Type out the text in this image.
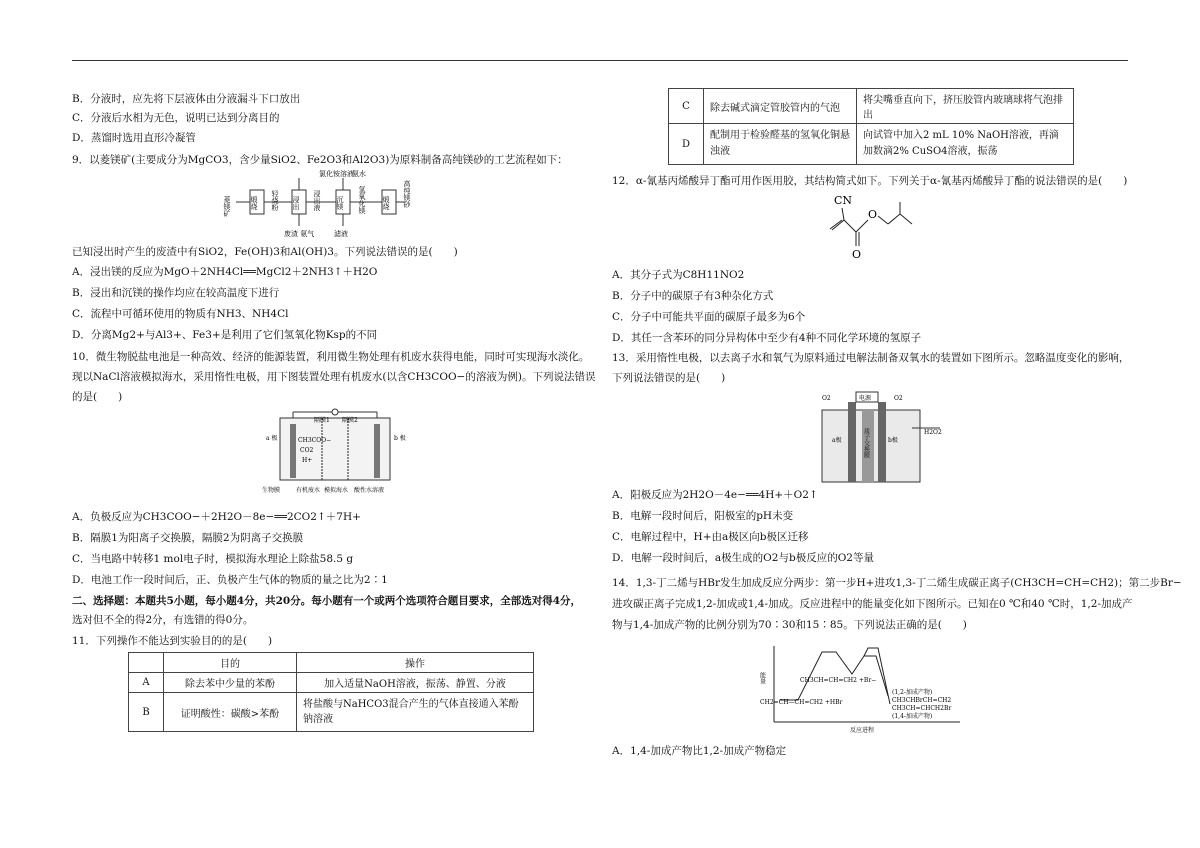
B．分液时，应先将下层液体由分液漏斗下口放出
C．分液后水相为无色，说明已达到分离目的
D．蒸馏时选用直形冷凝管
9．以菱镁矿(主要成分为MgCO3，含少量SiO2、Fe2O3和Al2O3)为原料制备高纯镁砂的工艺流程如下：
氯化铵溶液
氨水
菱镁矿	煅烧 轻烧粉 浸出 浸出液 沉镁 氢氧化镁 煅烧 高纯镁砂
废渣 氨气	滤液
已知浸出时产生的废渣中有SiO2，Fe(OH)3和Al(OH)3。下列说法错误的是(　　)
A．浸出镁的反应为MgO＋2NH4Cl══MgCl2＋2NH3↑＋H2O
B．浸出和沉镁的操作均应在较高温度下进行
C．流程中可循环使用的物质有NH3、NH4Cl
D．分离Mg2+与Al3+、Fe3+是利用了它们氢氧化物Ksp的不同
10．微生物脱盐电池是一种高效、经济的能源装置，利用微生物处理有机废水获得电能，同时可实现海水淡化。
现以NaCl溶液模拟海水，采用惰性电极，用下图装置处理有机废水(以含CH3COO−的溶液为例)。下列说法错误
的是(　　)
隔膜1 隔膜2
a 极	b 极
CH3COO−
CO2
H+
生物膜	有机废水 模拟海水 酸性水溶液
A．负极反应为CH3COO−＋2H2O－8e−══2CO2↑＋7H+
B．隔膜1为阳离子交换膜，隔膜2为阴离子交换膜
C．当电路中转移1 mol电子时，模拟海水理论上除盐58.5 g
D．电池工作一段时间后，正、负极产生气体的物质的量之比为2∶1
二、选择题：本题共5小题，每小题4分，共20分。每小题有一个或两个选项符合题目要求，全部选对得4分，
选对但不全的得2分，有选错的得0分。
11．下列操作不能达到实验目的的是(　　)
	目的	操作
A	除去苯中少量的苯酚	加入适量NaOH溶液，振荡、静置、分液
B	证明酸性：碳酸>苯酚	将盐酸与NaHCO3混合产生的气体直接通入苯酚钠溶液
C	除去碱式滴定管胶管内的气泡	将尖嘴垂直向下，挤压胶管内玻璃球将气泡排出
D	配制用于检验醛基的氢氧化铜悬浊液	向试管中加入2 mL 10% NaOH溶液，再滴加数滴2% CuSO4溶液，振荡
12．α-氰基丙烯酸异丁酯可用作医用胶，其结构简式如下。下列关于α-氰基丙烯酸异丁酯的说法错误的是(　　)
CN
O
O
A．其分子式为C8H11NO2
B．分子中的碳原子有3种杂化方式
C．分子中可能共平面的碳原子最多为6个
D．其任一含苯环的同分异构体中至少有4种不同化学环境的氢原子
13．采用惰性电极，以去离子水和氧气为原料通过电解法制备双氧水的装置如下图所示。忽略温度变化的影响，
下列说法错误的是(　　)
电源
O2	O2
质子交换膜
a极	b极
H2O2
A．阳极反应为2H2O－4e−══4H+＋O2↑
B．电解一段时间后，阳极室的pH未变
C．电解过程中，H+由a极区向b极区迁移
D．电解一段时间后，a极生成的O2与b极反应的O2等量
14．1,3-丁二烯与HBr发生加成反应分两步：第一步H+进攻1,3-丁二烯生成碳正离子(CH3CH=CH=CH2)；第二步Br−
进攻碳正离子完成1,2-加成或1,4-加成。反应进程中的能量变化如下图所示。已知在0 ℃和40 ℃时，1,2-加成产
物与1,4-加成产物的比例分别为70∶30和15∶85。下列说法正确的是(　　)
能量
反应进程
CH2=CH—CH=CH2 +HBr
CH3CH=CH=CH2 +Br−
(1,2-加成产物)
CH3CHBrCH=CH2
CH3CH=CHCH2Br
(1,4-加成产物)
A．1,4-加成产物比1,2-加成产物稳定
